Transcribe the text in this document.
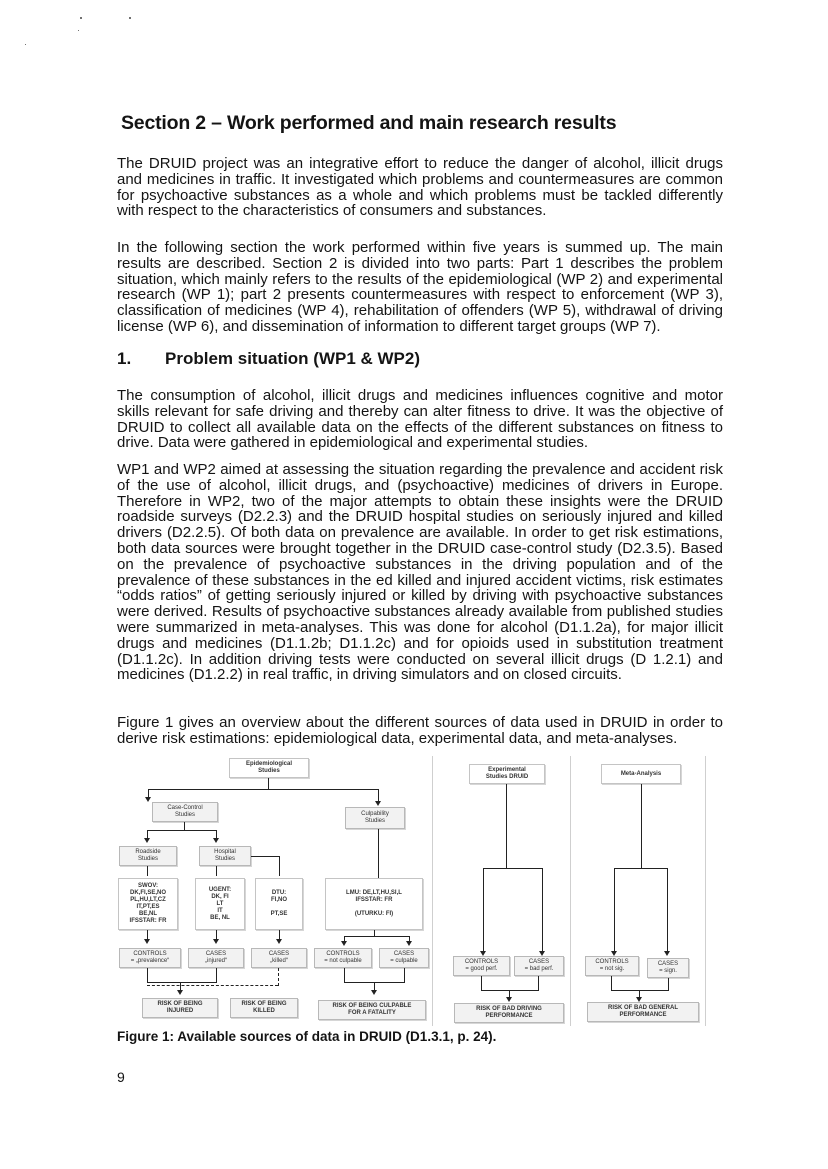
Section 2 – Work performed and main research results

The DRUID project was an integrative effort to reduce the danger of alcohol, illicit drugs and medicines in traffic. It investigated which problems and countermeasures are common for psychoactive substances as a whole and which problems must be tackled differently with respect to the characteristics of consumers and substances.

In the following section the work performed within five years is summed up. The main results are described. Section 2 is divided into two parts: Part 1 describes the problem situation, which mainly refers to the results of the epidemiological (WP 2) and experimental research (WP 1); part 2 presents countermeasures with respect to enforcement (WP 3), classification of medicines (WP 4), rehabilitation of offenders (WP 5), withdrawal of driving license (WP 6), and dissemination of information to different target groups (WP 7).

1. Problem situation (WP1 & WP2)

The consumption of alcohol, illicit drugs and medicines influences cognitive and motor skills relevant for safe driving and thereby can alter fitness to drive. It was the objective of DRUID to collect all available data on the effects of the different substances on fitness to drive. Data were gathered in epidemiological and experimental studies.

WP1 and WP2 aimed at assessing the situation regarding the prevalence and accident risk of the use of alcohol, illicit drugs, and (psychoactive) medicines of drivers in Europe. Therefore in WP2, two of the major attempts to obtain these insights were the DRUID roadside surveys (D2.2.3) and the DRUID hospital studies on seriously injured and killed drivers (D2.2.5). Of both data on prevalence are available. In order to get risk estimations, both data sources were brought together in the DRUID case-control study (D2.3.5). Based on the prevalence of psychoactive substances in the driving population and of the prevalence of these substances in the ed killed and injured accident victims, risk estimates “odds ratios” of getting seriously injured or killed by driving with psychoactive substances were derived. Results of psychoactive substances already available from published studies were summarized in meta-analyses. This was done for alcohol (D1.1.2a), for major illicit drugs and medicines (D1.1.2b; D1.1.2c) and for opioids used in substitution treatment (D1.1.2c). In addition driving tests were conducted on several illicit drugs (D 1.2.1) and medicines (D1.2.2) in real traffic, in driving simulators and on closed circuits.

Figure 1 gives an overview about the different sources of data used in DRUID in order to derive risk estimations: epidemiological data, experimental data, and meta-analyses.

Epidemiological
Studies
Case-Control
Studies	Culpability
Studies
Roadside
Studies
Hospital
Studies
SWOV:
DK,FI,SE,NO
PL,HU,LT,CZ
IT,PT,ES
BE,NL
IFSSTAR: FR
UGENT:
DK, FI
LT
IT
BE, NL
DTU:
FI,NO

PT,SE
LMU: DE,LT,HU,SI,L
IFSSTAR: FR

(UTURKU: FI)
CONTROLS
= „prevalence“
CASES
„injured“
CASES
„killed“
CONTROLS
= not culpable
CASES
= culpable
RISK OF BEING
INJURED
RISK OF BEING
KILLED
RISK OF BEING CULPABLE
FOR A FATALITY
Experimental
Studies DRUID
CONTROLS
= good perf.
CASES
= bad perf.
RISK OF BAD DRIVING
PERFORMANCE
Meta-Analysis
CONTROLS
= not sig.
CASES
= sign.
RISK OF BAD GENERAL
PERFORMANCE

Figure 1: Available sources of data in DRUID (D1.3.1, p. 24).

9
